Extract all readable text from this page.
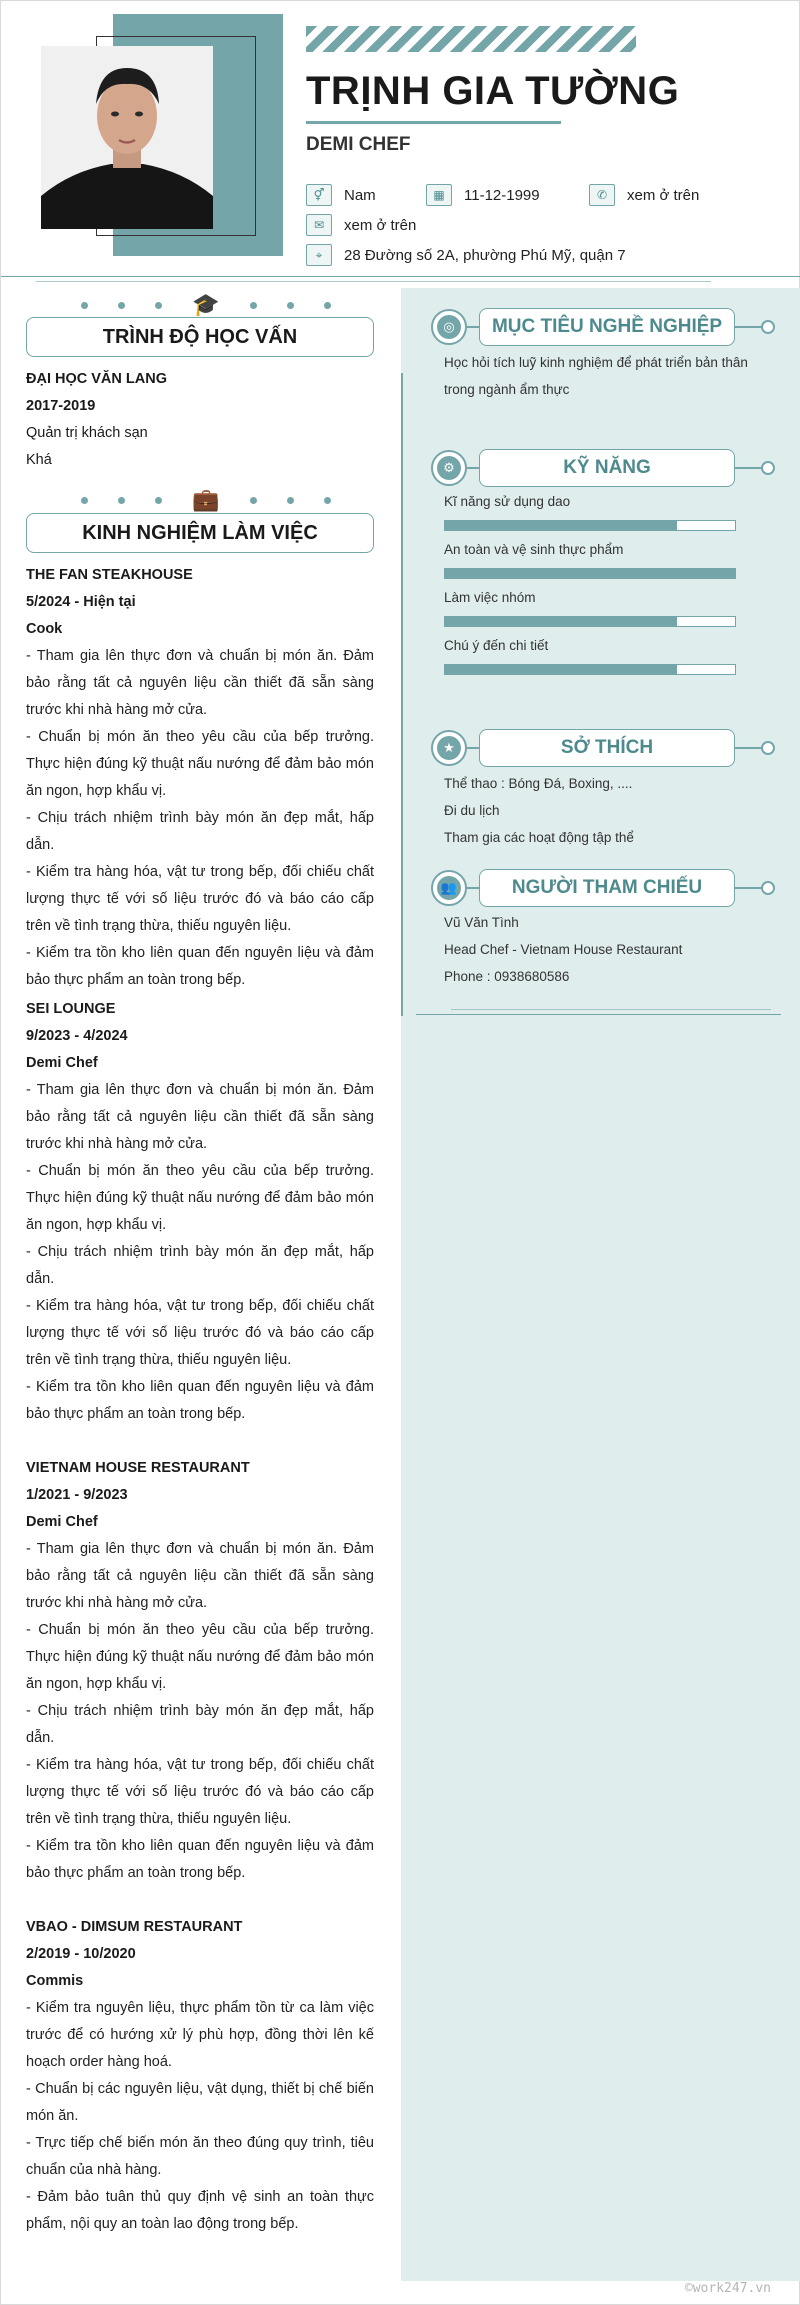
TRỊNH GIA TƯỜNG
DEMI CHEF
⚥	Nam	▦	11-12-1999	✆	xem ở trên
✉	xem ở trên
⌖	28 Đường số 2A, phường Phú Mỹ, quận 7
🎓
TRÌNH ĐỘ HỌC VẤN
ĐẠI HỌC VĂN LANG
2017-2019
Quản trị khách sạn
Khá
💼
KINH NGHIỆM LÀM VIỆC
THE FAN STEAKHOUSE
5/2024 - Hiện tại
Cook
- Tham gia lên thực đơn và chuẩn bị món ăn. Đảm bảo rằng tất cả nguyên liệu cần thiết đã sẵn sàng trước khi nhà hàng mở cửa.
- Chuẩn bị món ăn theo yêu cầu của bếp trưởng. Thực hiện đúng kỹ thuật nấu nướng để đảm bảo món ăn ngon, hợp khẩu vị.
- Chịu trách nhiệm trình bày món ăn đẹp mắt, hấp dẫn.
- Kiểm tra hàng hóa, vật tư trong bếp, đối chiếu chất lượng thực tế với số liệu trước đó và báo cáo cấp trên về tình trạng thừa, thiếu nguyên liệu.
- Kiểm tra tồn kho liên quan đến nguyên liệu và đảm bảo thực phẩm an toàn trong bếp.
SEI LOUNGE
9/2023 - 4/2024
Demi Chef
- Tham gia lên thực đơn và chuẩn bị món ăn. Đảm bảo rằng tất cả nguyên liệu cần thiết đã sẵn sàng trước khi nhà hàng mở cửa.
- Chuẩn bị món ăn theo yêu cầu của bếp trưởng. Thực hiện đúng kỹ thuật nấu nướng để đảm bảo món ăn ngon, hợp khẩu vị.
- Chịu trách nhiệm trình bày món ăn đẹp mắt, hấp dẫn.
- Kiểm tra hàng hóa, vật tư trong bếp, đối chiếu chất lượng thực tế với số liệu trước đó và báo cáo cấp trên về tình trạng thừa, thiếu nguyên liệu.
- Kiểm tra tồn kho liên quan đến nguyên liệu và đảm bảo thực phẩm an toàn trong bếp.
VIETNAM HOUSE RESTAURANT
1/2021 - 9/2023
Demi Chef
- Tham gia lên thực đơn và chuẩn bị món ăn. Đảm bảo rằng tất cả nguyên liệu cần thiết đã sẵn sàng trước khi nhà hàng mở cửa.
- Chuẩn bị món ăn theo yêu cầu của bếp trưởng. Thực hiện đúng kỹ thuật nấu nướng để đảm bảo món ăn ngon, hợp khẩu vị.
- Chịu trách nhiệm trình bày món ăn đẹp mắt, hấp dẫn.
- Kiểm tra hàng hóa, vật tư trong bếp, đối chiếu chất lượng thực tế với số liệu trước đó và báo cáo cấp trên về tình trạng thừa, thiếu nguyên liệu.
- Kiểm tra tồn kho liên quan đến nguyên liệu và đảm bảo thực phẩm an toàn trong bếp.
VBAO - DIMSUM RESTAURANT
2/2019 - 10/2020
Commis
- Kiểm tra nguyên liệu, thực phẩm tồn từ ca làm việc trước để có hướng xử lý phù hợp, đồng thời lên kế hoạch order hàng hoá.
- Chuẩn bị các nguyên liệu, vật dụng, thiết bị chế biến món ăn.
- Trực tiếp chế biến món ăn theo đúng quy trình, tiêu chuẩn của nhà hàng.
- Đảm bảo tuân thủ quy định vệ sinh an toàn thực phẩm, nội quy an toàn lao động trong bếp.
◎	MỤC TIÊU NGHỀ NGHIỆP
Học hỏi tích luỹ kinh nghiệm để phát triển bản thân trong ngành ẩm thực
⚙	KỸ NĂNG
Kĩ năng sử dụng dao
An toàn và vệ sinh thực phẩm
Làm việc nhóm
Chú ý đến chi tiết
★	SỞ THÍCH
Thể thao : Bóng Đá, Boxing, ....
Đi du lịch
Tham gia các hoạt động tập thể
👥	NGƯỜI THAM CHIẾU
Vũ Văn Tình
Head Chef - Vietnam House Restaurant
Phone : 0938680586
©work247.vn
